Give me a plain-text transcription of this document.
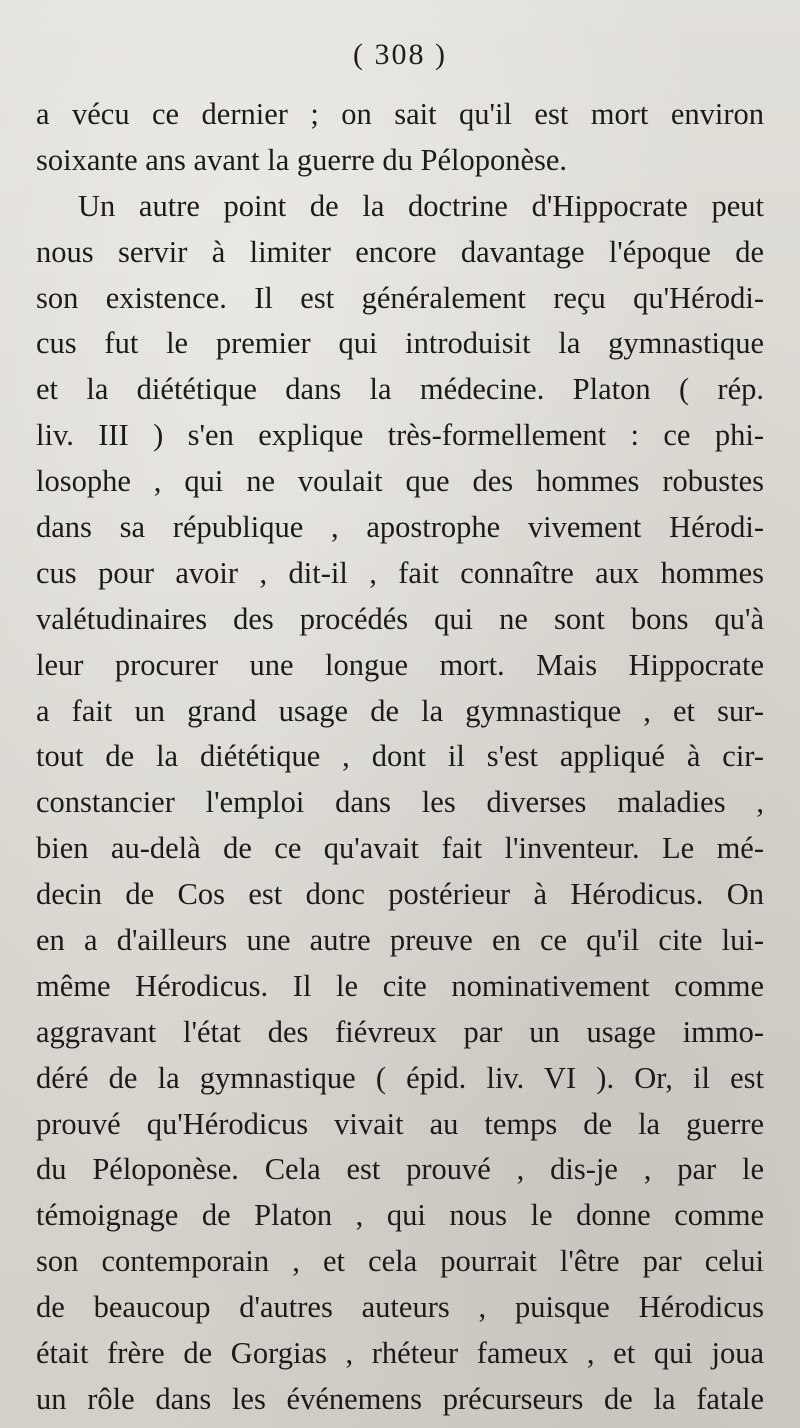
( 308 )
a vécu ce dernier ; on sait qu'il est mort environ
soixante ans avant la guerre du Péloponèse.
Un autre point de la doctrine d'Hippocrate peut
nous servir à limiter encore davantage l'époque de
son existence. Il est généralement reçu qu'Hérodi-
cus fut le premier qui introduisit la gymnastique
et la diététique dans la médecine. Platon ( rép.
liv. III ) s'en explique très-formellement : ce phi-
losophe , qui ne voulait que des hommes robustes
dans sa république , apostrophe vivement Hérodi-
cus pour avoir , dit-il , fait connaître aux hommes
valétudinaires des procédés qui ne sont bons qu'à
leur procurer une longue mort. Mais Hippocrate
a fait un grand usage de la gymnastique , et sur-
tout de la diététique , dont il s'est appliqué à cir-
constancier l'emploi dans les diverses maladies ,
bien au-delà de ce qu'avait fait l'inventeur. Le mé-
decin de Cos est donc postérieur à Hérodicus. On
en a d'ailleurs une autre preuve en ce qu'il cite lui-
même Hérodicus. Il le cite nominativement comme
aggravant l'état des fiévreux par un usage immo-
déré de la gymnastique ( épid. liv. VI ). Or, il est
prouvé qu'Hérodicus vivait au temps de la guerre
du Péloponèse. Cela est prouvé , dis-je , par le
témoignage de Platon , qui nous le donne comme
son contemporain , et cela pourrait l'être par celui
de beaucoup d'autres auteurs , puisque Hérodicus
était frère de Gorgias , rhéteur fameux , et qui joua
un rôle dans les événemens précurseurs de la fatale
